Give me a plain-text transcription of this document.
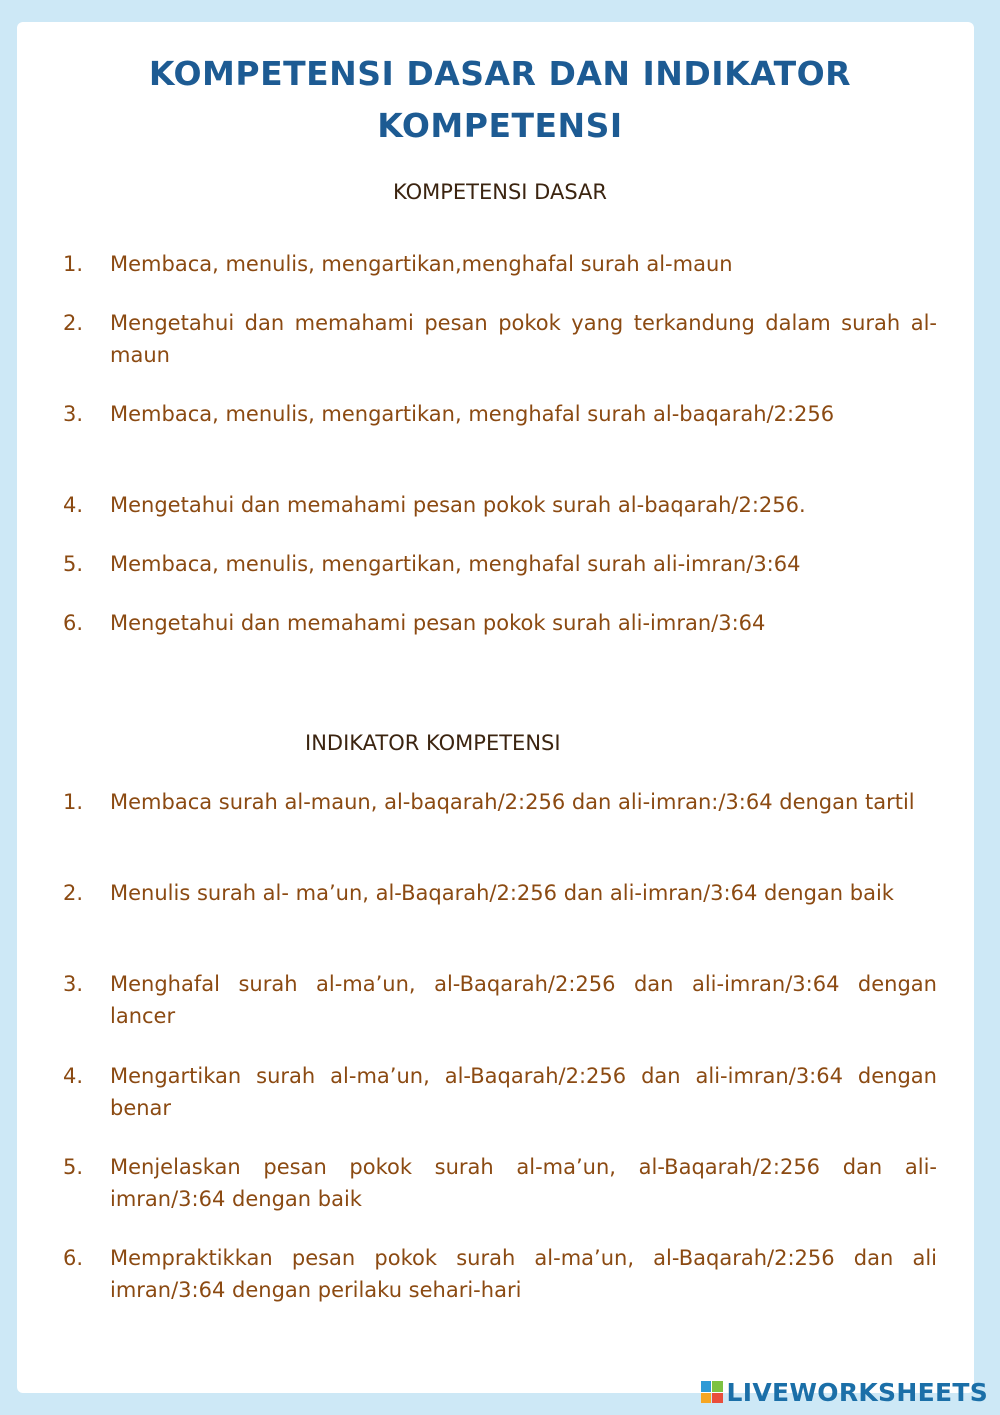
KOMPETENSI DASAR DAN INDIKATOR
KOMPETENSI
KOMPETENSI DASAR
1. Membaca, menulis, mengartikan,menghafal surah al-maun
2. Mengetahui dan memahami pesan pokok yang terkandung dalam surah al-maun
3. Membaca, menulis, mengartikan, menghafal surah al-baqarah/2:256
4. Mengetahui dan memahami pesan pokok surah al-baqarah/2:256.
5. Membaca, menulis, mengartikan, menghafal surah ali-imran/3:64
6. Mengetahui dan memahami pesan pokok surah ali-imran/3:64
INDIKATOR KOMPETENSI
1. Membaca surah al-maun, al-baqarah/2:256 dan ali-imran:/3:64 dengan tartil
2. Menulis surah al- ma’un, al-Baqarah/2:256 dan ali-imran/3:64 dengan baik
3. Menghafal surah al-ma’un, al-Baqarah/2:256 dan ali-imran/3:64 dengan lancer
4. Mengartikan surah al-ma’un, al-Baqarah/2:256 dan ali-imran/3:64 dengan benar
5. Menjelaskan pesan pokok surah al-ma’un, al-Baqarah/2:256 dan ali-imran/3:64 dengan baik
6. Mempraktikkan pesan pokok surah al-ma’un, al-Baqarah/2:256 dan ali imran/3:64 dengan perilaku sehari-hari
LIVEWORKSHEETS
